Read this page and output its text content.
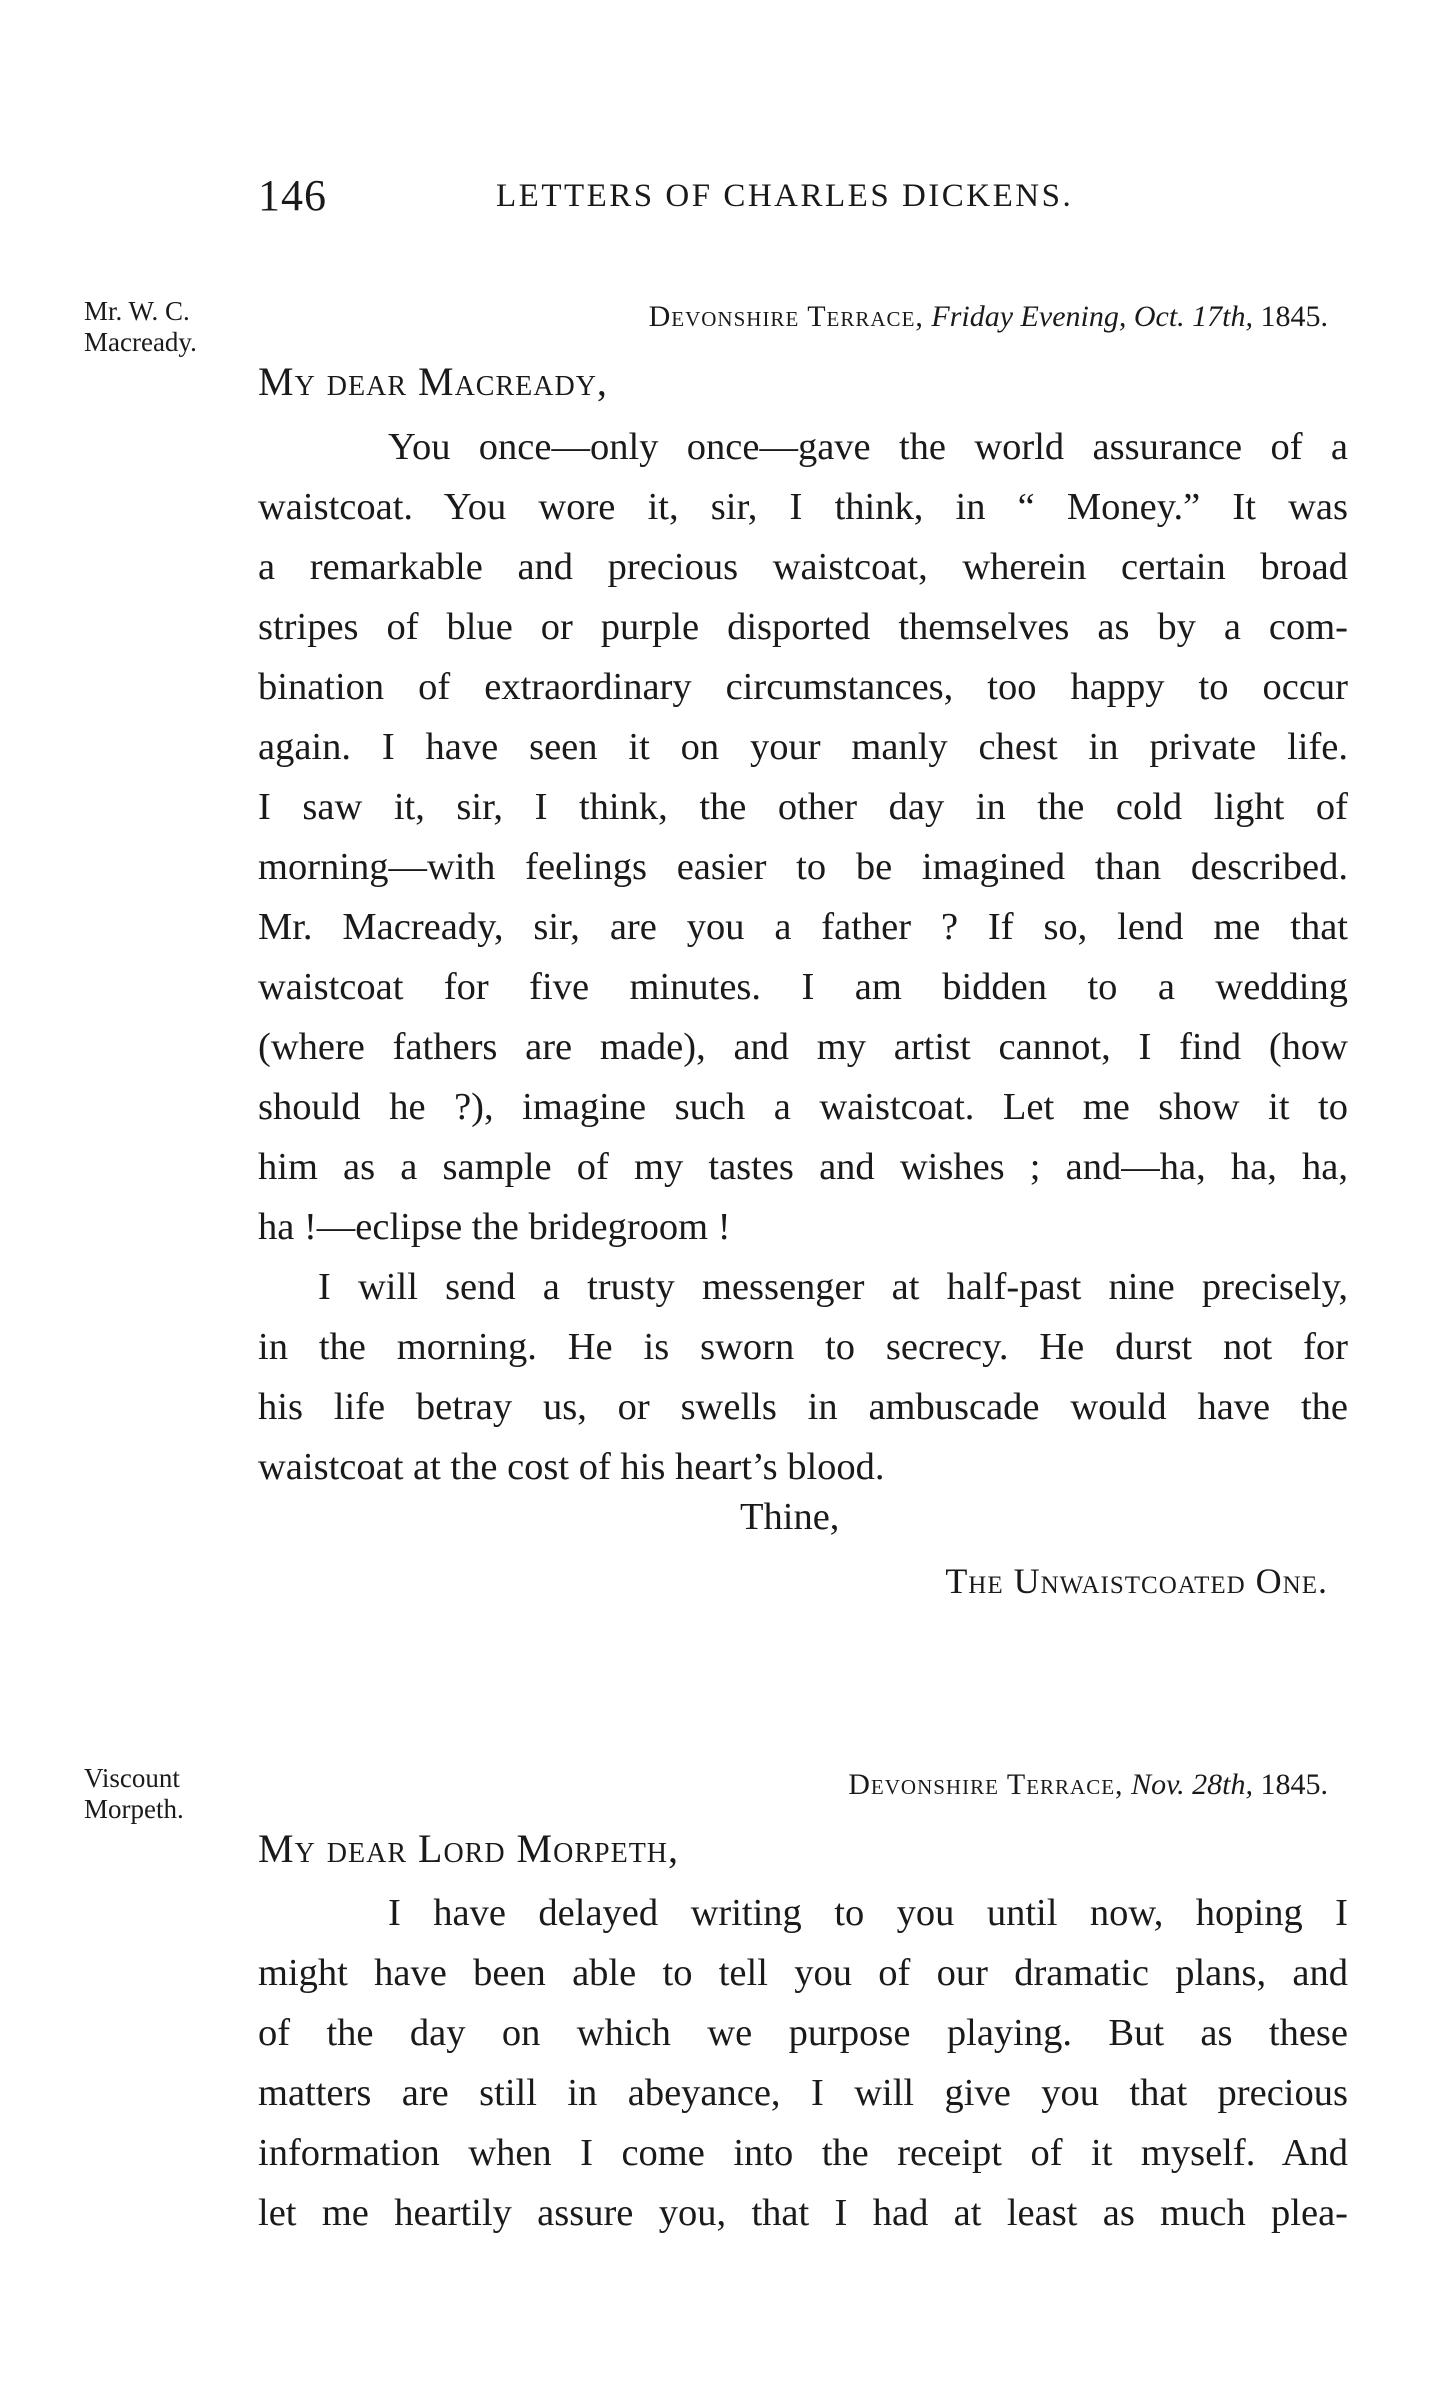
146	LETTERS OF CHARLES DICKENS.
Mr. W. C.
Macready.
Devonshire Terrace, Friday Evening, Oct. 17th, 1845.
My dear Macready,
You once—only once—gave the world assurance of a
waistcoat. You wore it, sir, I think, in “ Money.” It was
a remarkable and precious waistcoat, wherein certain broad
stripes of blue or purple disported themselves as by a com-
bination of extraordinary circumstances, too happy to occur
again. I have seen it on your manly chest in private life.
I saw it, sir, I think, the other day in the cold light of
morning—with feelings easier to be imagined than described.
Mr. Macready, sir, are you a father ? If so, lend me that
waistcoat for five minutes. I am bidden to a wedding
(where fathers are made), and my artist cannot, I find (how
should he ?), imagine such a waistcoat. Let me show it to
him as a sample of my tastes and wishes ; and—ha, ha, ha,
ha !—eclipse the bridegroom !
I will send a trusty messenger at half-past nine precisely,
in the morning. He is sworn to secrecy. He durst not for
his life betray us, or swells in ambuscade would have the
waistcoat at the cost of his heart’s blood.
Thine,
The Unwaistcoated One.
Viscount
Morpeth.
Devonshire Terrace, Nov. 28th, 1845.
My dear Lord Morpeth,
I have delayed writing to you until now, hoping I
might have been able to tell you of our dramatic plans, and
of the day on which we purpose playing. But as these
matters are still in abeyance, I will give you that precious
information when I come into the receipt of it myself. And
let me heartily assure you, that I had at least as much plea-
